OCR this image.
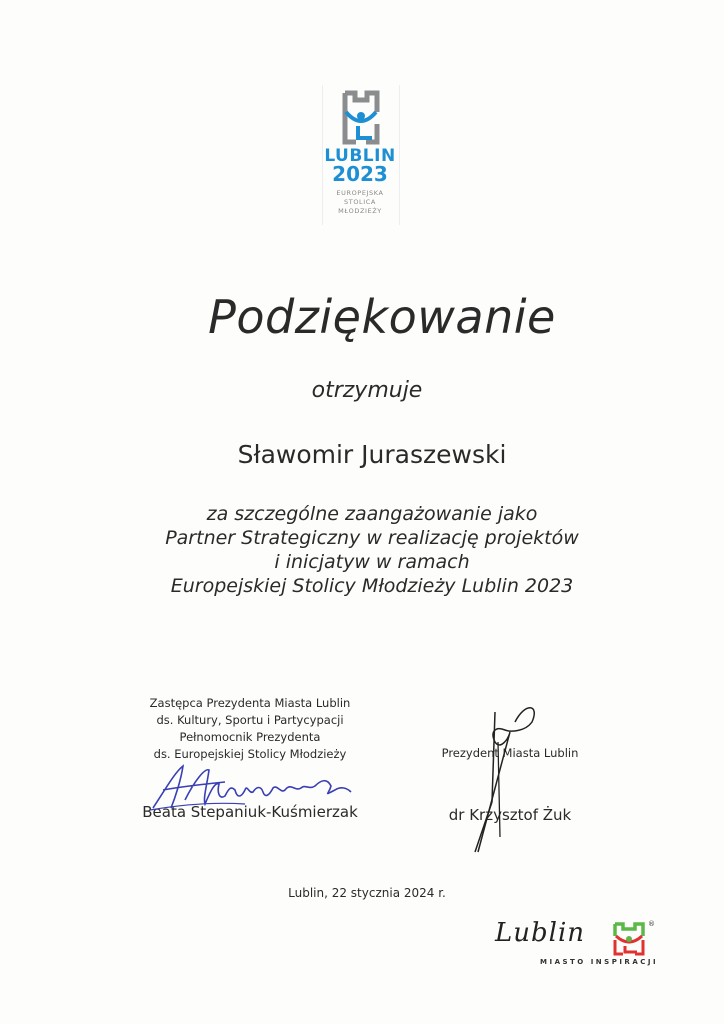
LUBLIN
2023
EUROPEJSKA
STOLICA
MŁODZIEŻY
Podziękowanie
otrzymuje
Sławomir Juraszewski
za szczególne zaangażowanie jako
Partner Strategiczny w realizację projektów
i inicjatyw w ramach
Europejskiej Stolicy Młodzieży Lublin 2023
Zastępca Prezydenta Miasta Lublin
ds. Kultury, Sportu i Partycypacji
Pełnomocnik Prezydenta
ds. Europejskiej Stolicy Młodzieży
Beata Stepaniuk-Kuśmierzak
Prezydent Miasta Lublin
dr Krzysztof Żuk
Lublin, 22 stycznia 2024 r.
Lublin	®
MIASTO INSPIRACJI
